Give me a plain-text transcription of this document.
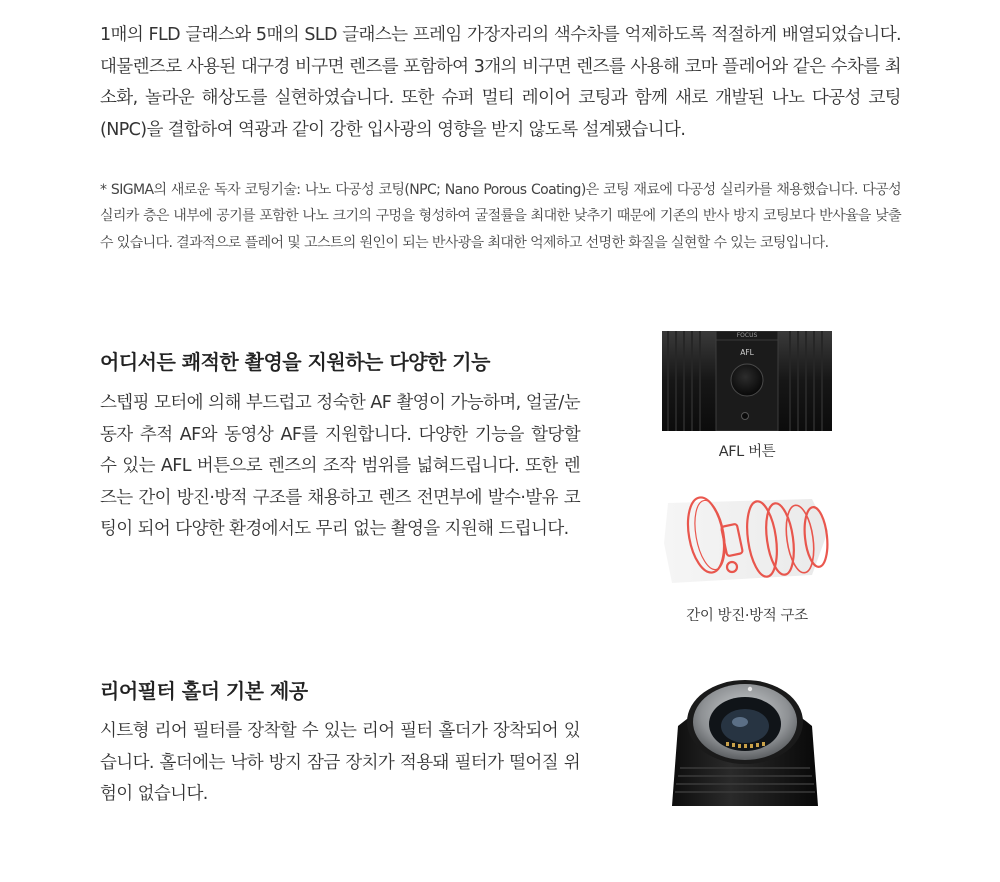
1매의 FLD 글래스와 5매의 SLD 글래스는 프레임 가장자리의 색수차를 억제하도록 적절하게 배열되었습니다. 대물렌즈로 사용된 대구경 비구면 렌즈를 포함하여 3개의 비구면 렌즈를 사용해 코마 플레어와 같은 수차를 최소화, 놀라운 해상도를 실현하였습니다. 또한 슈퍼 멀티 레이어 코팅과 함께 새로 개발된 나노 다공성 코팅(NPC)을 결합하여 역광과 같이 강한 입사광의 영향을 받지 않도록 설계됐습니다.

* SIGMA의 새로운 독자 코팅기술: 나노 다공성 코팅(NPC; Nano Porous Coating)은 코팅 재료에 다공성 실리카를 채용했습니다. 다공성 실리카 층은 내부에 공기를 포함한 나노 크기의 구멍을 형성하여 굴절률을 최대한 낮추기 때문에 기존의 반사 방지 코팅보다 반사율을 낮출 수 있습니다. 결과적으로 플레어 및 고스트의 원인이 되는 반사광을 최대한 억제하고 선명한 화질을 실현할 수 있는 코팅입니다.

어디서든 쾌적한 촬영을 지원하는 다양한 기능

스텝핑 모터에 의해 부드럽고 정숙한 AF 촬영이 가능하며, 얼굴/눈동자 추적 AF와 동영상 AF를 지원합니다. 다양한 기능을 할당할 수 있는 AFL 버튼으로 렌즈의 조작 범위를 넓혀드립니다. 또한 렌즈는 간이 방진·방적 구조를 채용하고 렌즈 전면부에 발수·발유 코팅이 되어 다양한 환경에서도 무리 없는 촬영을 지원해 드립니다.

FOCUS
AFL
AFL 버튼
간이 방진·방적 구조
리어필터 홀더 기본 제공

시트형 리어 필터를 장착할 수 있는 리어 필터 홀더가 장착되어 있습니다. 홀더에는 낙하 방지 잠금 장치가 적용돼 필터가 떨어질 위험이 없습니다.
